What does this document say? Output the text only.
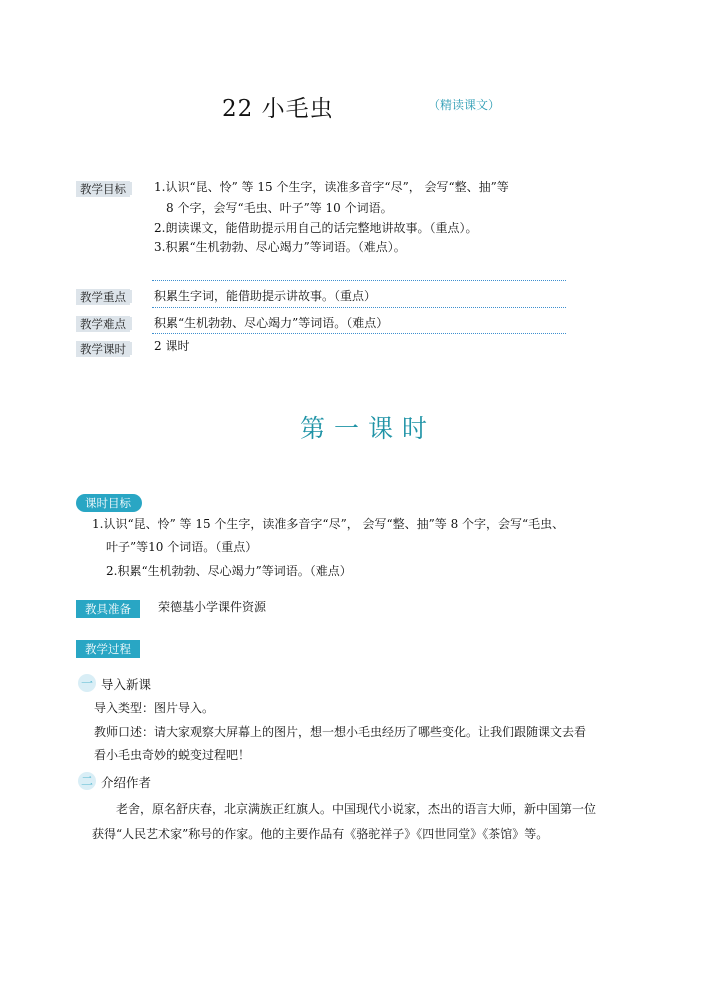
22 小毛虫	（精读课文）
教学目标	1.认识“昆、怜” 等 15 个生字，读准多音字“尽”， 会写“整、抽”等
8 个字，会写“毛虫、叶子”等 10 个词语。
2.朗读课文，能借助提示用自己的话完整地讲故事。（重点）。
3.积累“生机勃勃、尽心竭力”等词语。（难点）。
教学重点	积累生字词，能借助提示讲故事。（重点）
教学难点	积累“生机勃勃、尽心竭力”等词语。（难点）
教学课时	2 课时
第一课时
课时目标
1.认识“昆、怜” 等 15 个生字，读准多音字“尽”， 会写“整、抽”等 8 个字，会写“毛虫、
叶子”等10 个词语。（重点）
2.积累“生机勃勃、尽心竭力”等词语。（难点）
教具准备	荣德基小学课件资源
教学过程
一 导入新课
导入类型：图片导入。
教师口述：请大家观察大屏幕上的图片，想一想小毛虫经历了哪些变化。让我们跟随课文去看
看小毛虫奇妙的蜕变过程吧！
二 介绍作者
老舍，原名舒庆春，北京满族正红旗人。中国现代小说家，杰出的语言大师，新中国第一位
获得“人民艺术家”称号的作家。他的主要作品有《骆驼祥子》《四世同堂》《茶馆》等。
